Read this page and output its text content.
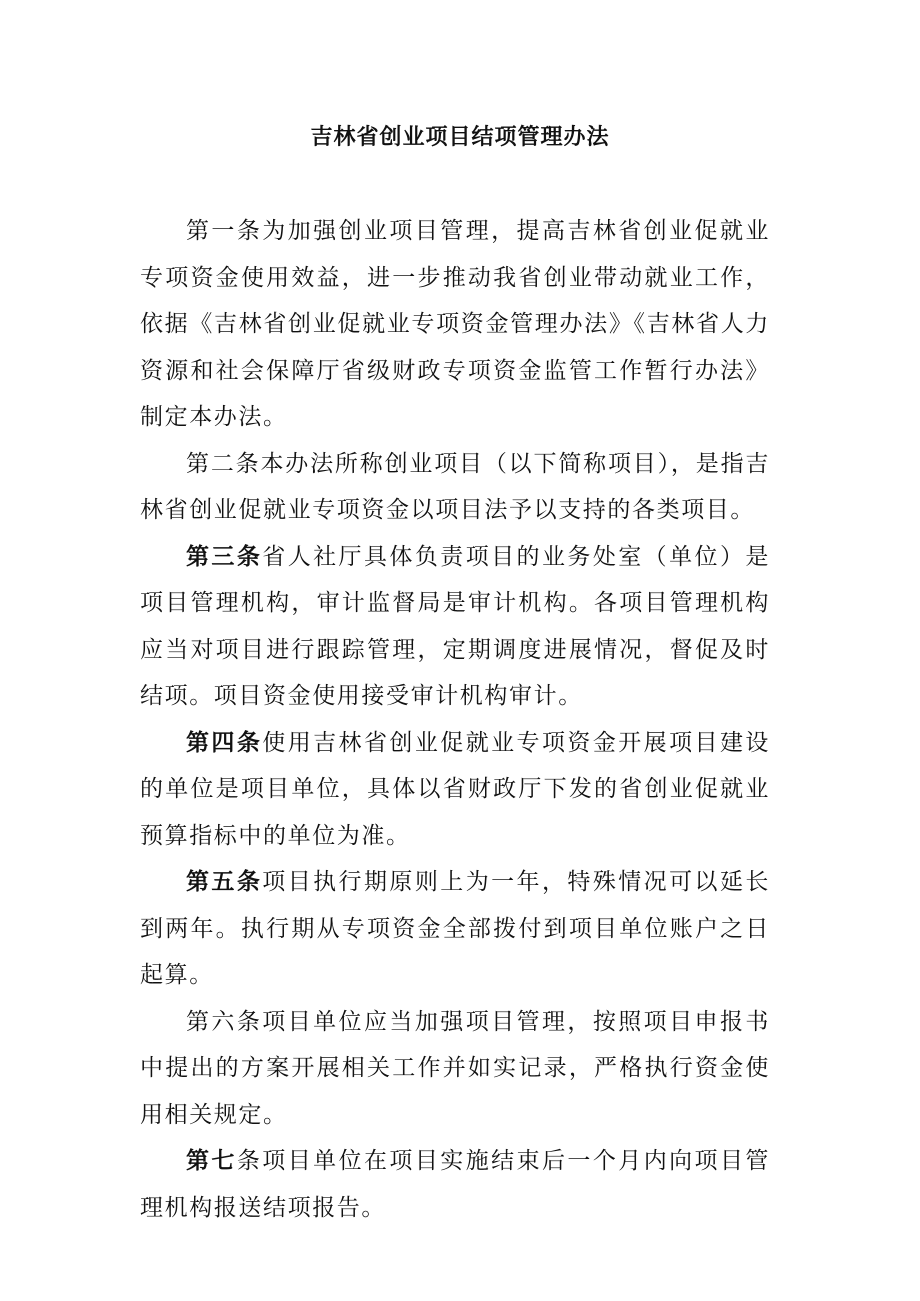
吉林省创业项目结项管理办法

第一条为加强创业项目管理，提高吉林省创业促就业专项资金使用效益，进一步推动我省创业带动就业工作，依据《吉林省创业促就业专项资金管理办法》《吉林省人力资源和社会保障厅省级财政专项资金监管工作暂行办法》制定本办法。

第二条本办法所称创业项目（以下简称项目），是指吉林省创业促就业专项资金以项目法予以支持的各类项目。

第三条省人社厅具体负责项目的业务处室（单位）是项目管理机构，审计监督局是审计机构。各项目管理机构应当对项目进行跟踪管理，定期调度进展情况，督促及时结项。项目资金使用接受审计机构审计。

第四条使用吉林省创业促就业专项资金开展项目建设的单位是项目单位，具体以省财政厅下发的省创业促就业预算指标中的单位为准。

第五条项目执行期原则上为一年，特殊情况可以延长到两年。执行期从专项资金全部拨付到项目单位账户之日起算。

第六条项目单位应当加强项目管理，按照项目申报书中提出的方案开展相关工作并如实记录，严格执行资金使用相关规定。

第七条项目单位在项目实施结束后一个月内向项目管理机构报送结项报告。
